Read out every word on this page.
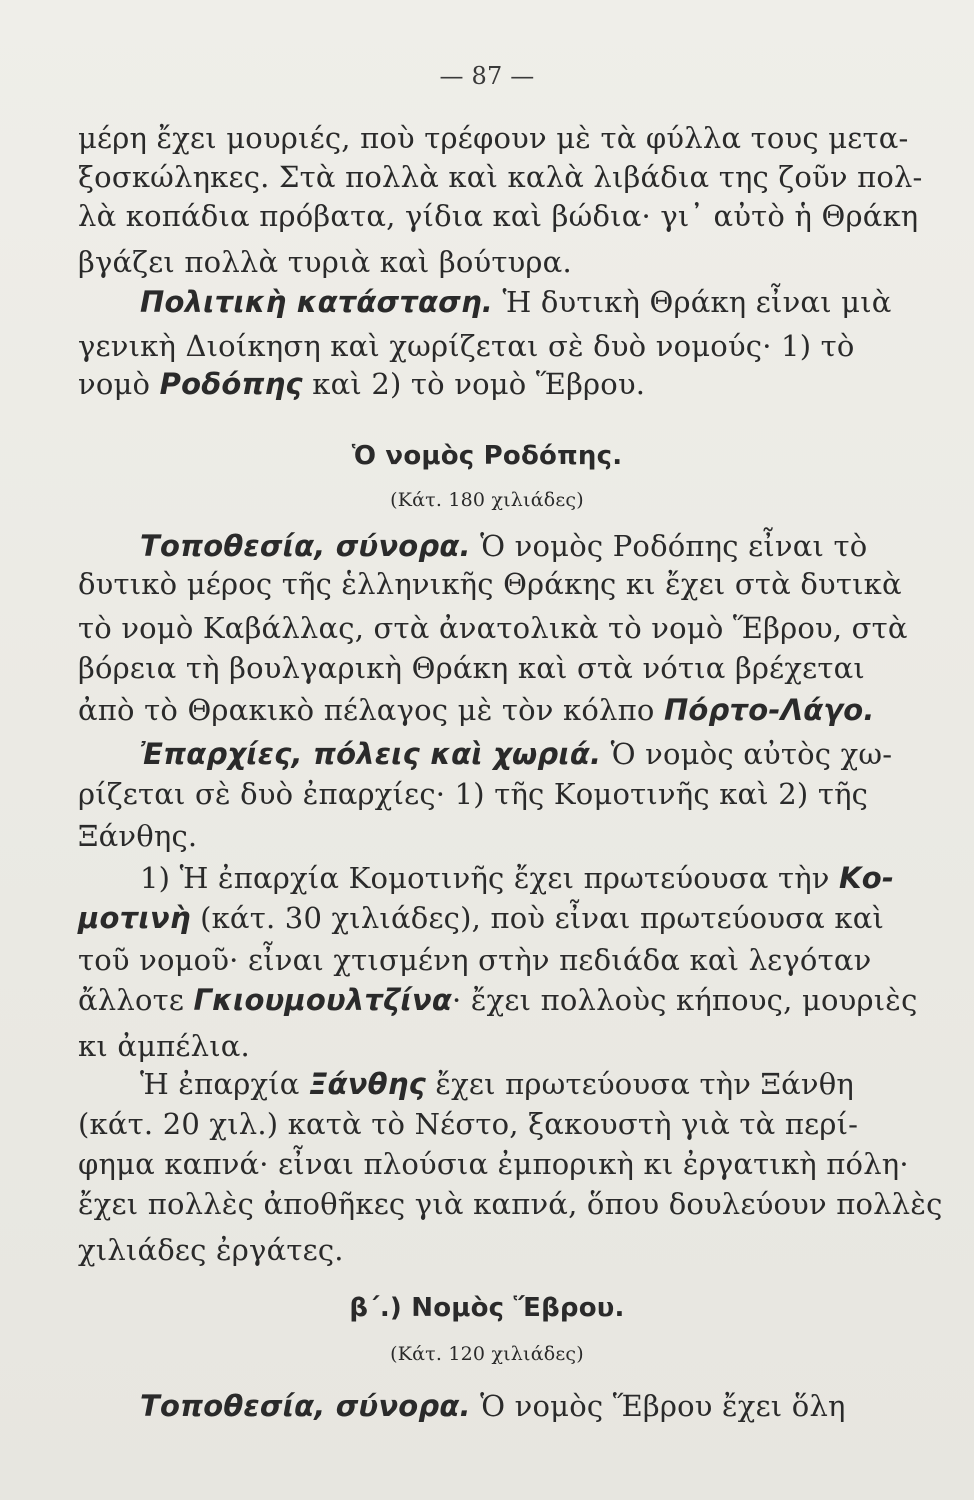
— 87 —
μέρη ἔχει μουριές, ποὺ τρέφουν μὲ τὰ φύλλα τους μετα-
ξοσκώληκες. Στὰ πολλὰ καὶ καλὰ λιβάδια της ζοῦν πολ-
λὰ κοπάδια πρόβατα, γίδια καὶ βώδια· γι᾽ αὐτὸ ἡ Θράκη
βγάζει πολλὰ τυριὰ καὶ βούτυρα.
Πολιτικὴ κατάσταση. Ἡ δυτικὴ Θράκη εἶναι μιὰ
γενικὴ Διοίκηση καὶ χωρίζεται σὲ δυὸ νομούς· 1) τὸ
νομὸ Ροδόπης καὶ 2) τὸ νομὸ Ἕβρου.
Ὁ νομὸς Ροδόπης.
(Κάτ. 180 χιλιάδες)
Τοποθεσία, σύνορα. Ὁ νομὸς Ροδόπης εἶναι τὸ
δυτικὸ μέρος τῆς ἑλληνικῆς Θράκης κι ἔχει στὰ δυτικὰ
τὸ νομὸ Καβάλλας, στὰ ἀνατολικὰ τὸ νομὸ Ἕβρου, στὰ
βόρεια τὴ βουλγαρικὴ Θράκη καὶ στὰ νότια βρέχεται
ἀπὸ τὸ Θρακικὸ πέλαγος μὲ τὸν κόλπο Πόρτο-Λάγο.
Ἐπαρχίες, πόλεις καὶ χωριά. Ὁ νομὸς αὐτὸς χω-
ρίζεται σὲ δυὸ ἐπαρχίες· 1) τῆς Κομοτινῆς καὶ 2) τῆς
Ξάνθης.
1) Ἡ ἐπαρχία Κομοτινῆς ἔχει πρωτεύουσα τὴν Κο-
μοτινὴ (κάτ. 30 χιλιάδες), ποὺ εἶναι πρωτεύουσα καὶ
τοῦ νομοῦ· εἶναι χτισμένη στὴν πεδιάδα καὶ λεγόταν
ἄλλοτε Γκιουμουλτζίνα· ἔχει πολλοὺς κήπους, μουριὲς
κι ἀμπέλια.
Ἡ ἐπαρχία Ξάνθης ἔχει πρωτεύουσα τὴν Ξάνθη
(κάτ. 20 χιλ.) κατὰ τὸ Νέστο, ξακουστὴ γιὰ τὰ περί-
φημα καπνά· εἶναι πλούσια ἐμπορικὴ κι ἐργατικὴ πόλη·
ἔχει πολλὲς ἀποθῆκες γιὰ καπνά, ὅπου δουλεύουν πολλὲς
χιλιάδες ἐργάτες.
β΄.) Νομὸς Ἕβρου.
(Κάτ. 120 χιλιάδες)
Τοποθεσία, σύνορα. Ὁ νομὸς Ἕβρου ἔχει ὅλη
